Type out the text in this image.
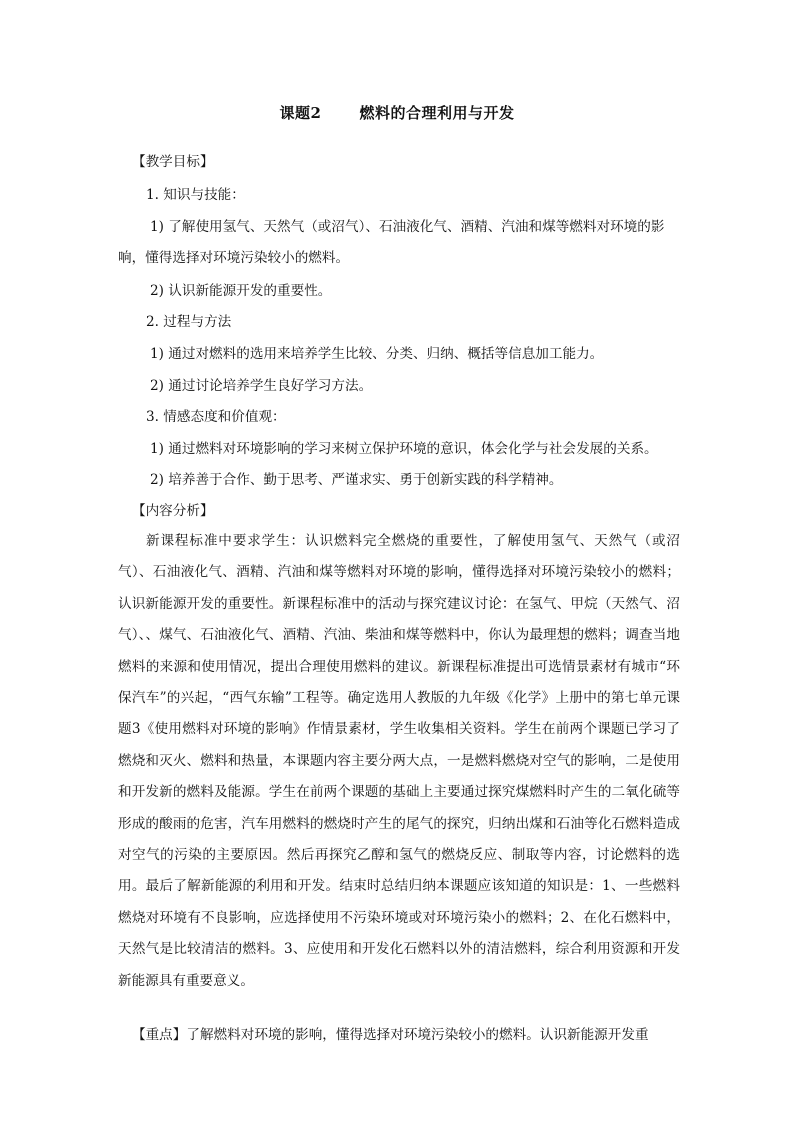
课题2	燃料的合理利用与开发
【教学目标】
1. 知识与技能：
1) 了解使用氢气、天然气（或沼气）、石油液化气、酒精、汽油和煤等燃料对环境的影
响，懂得选择对环境污染较小的燃料。
2) 认识新能源开发的重要性。
2. 过程与方法
1) 通过对燃料的选用来培养学生比较、分类、归纳、概括等信息加工能力。
2) 通过讨论培养学生良好学习方法。
3. 情感态度和价值观：
1) 通过燃料对环境影响的学习来树立保护环境的意识，体会化学与社会发展的关系。
2) 培养善于合作、勤于思考、严谨求实、勇于创新实践的科学精神。
【内容分析】
新课程标准中要求学生：认识燃料完全燃烧的重要性，了解使用氢气、天然气（或沼气）、石油液化气、酒精、汽油和煤等燃料对环境的影响，懂得选择对环境污染较小的燃料；认识新能源开发的重要性。新课程标准中的活动与探究建议讨论：在氢气、甲烷（天然气、沼气）、、煤气、石油液化气、酒精、汽油、柴油和煤等燃料中，你认为最理想的燃料；调查当地燃料的来源和使用情况，提出合理使用燃料的建议。新课程标准提出可选情景素材有城市“环保汽车”的兴起，“西气东输”工程等。确定选用人教版的九年级《化学》上册中的第七单元课题3《使用燃料对环境的影响》作情景素材，学生收集相关资料。学生在前两个课题已学习了燃烧和灭火、燃料和热量，本课题内容主要分两大点，一是燃料燃烧对空气的影响，二是使用和开发新的燃料及能源。学生在前两个课题的基础上主要通过探究煤燃料时产生的二氧化硫等形成的酸雨的危害，汽车用燃料的燃烧时产生的尾气的探究，归纳出煤和石油等化石燃料造成对空气的污染的主要原因。然后再探究乙醇和氢气的燃烧反应、制取等内容，讨论燃料的选用。最后了解新能源的利用和开发。结束时总结归纳本课题应该知道的知识是：1、一些燃料燃烧对环境有不良影响，应选择使用不污染环境或对环境污染小的燃料；2、在化石燃料中，天然气是比较清洁的燃料。3、应使用和开发化石燃料以外的清洁燃料，综合利用资源和开发新能源具有重要意义。
【重点】了解燃料对环境的影响，懂得选择对环境污染较小的燃料。认识新能源开发重
